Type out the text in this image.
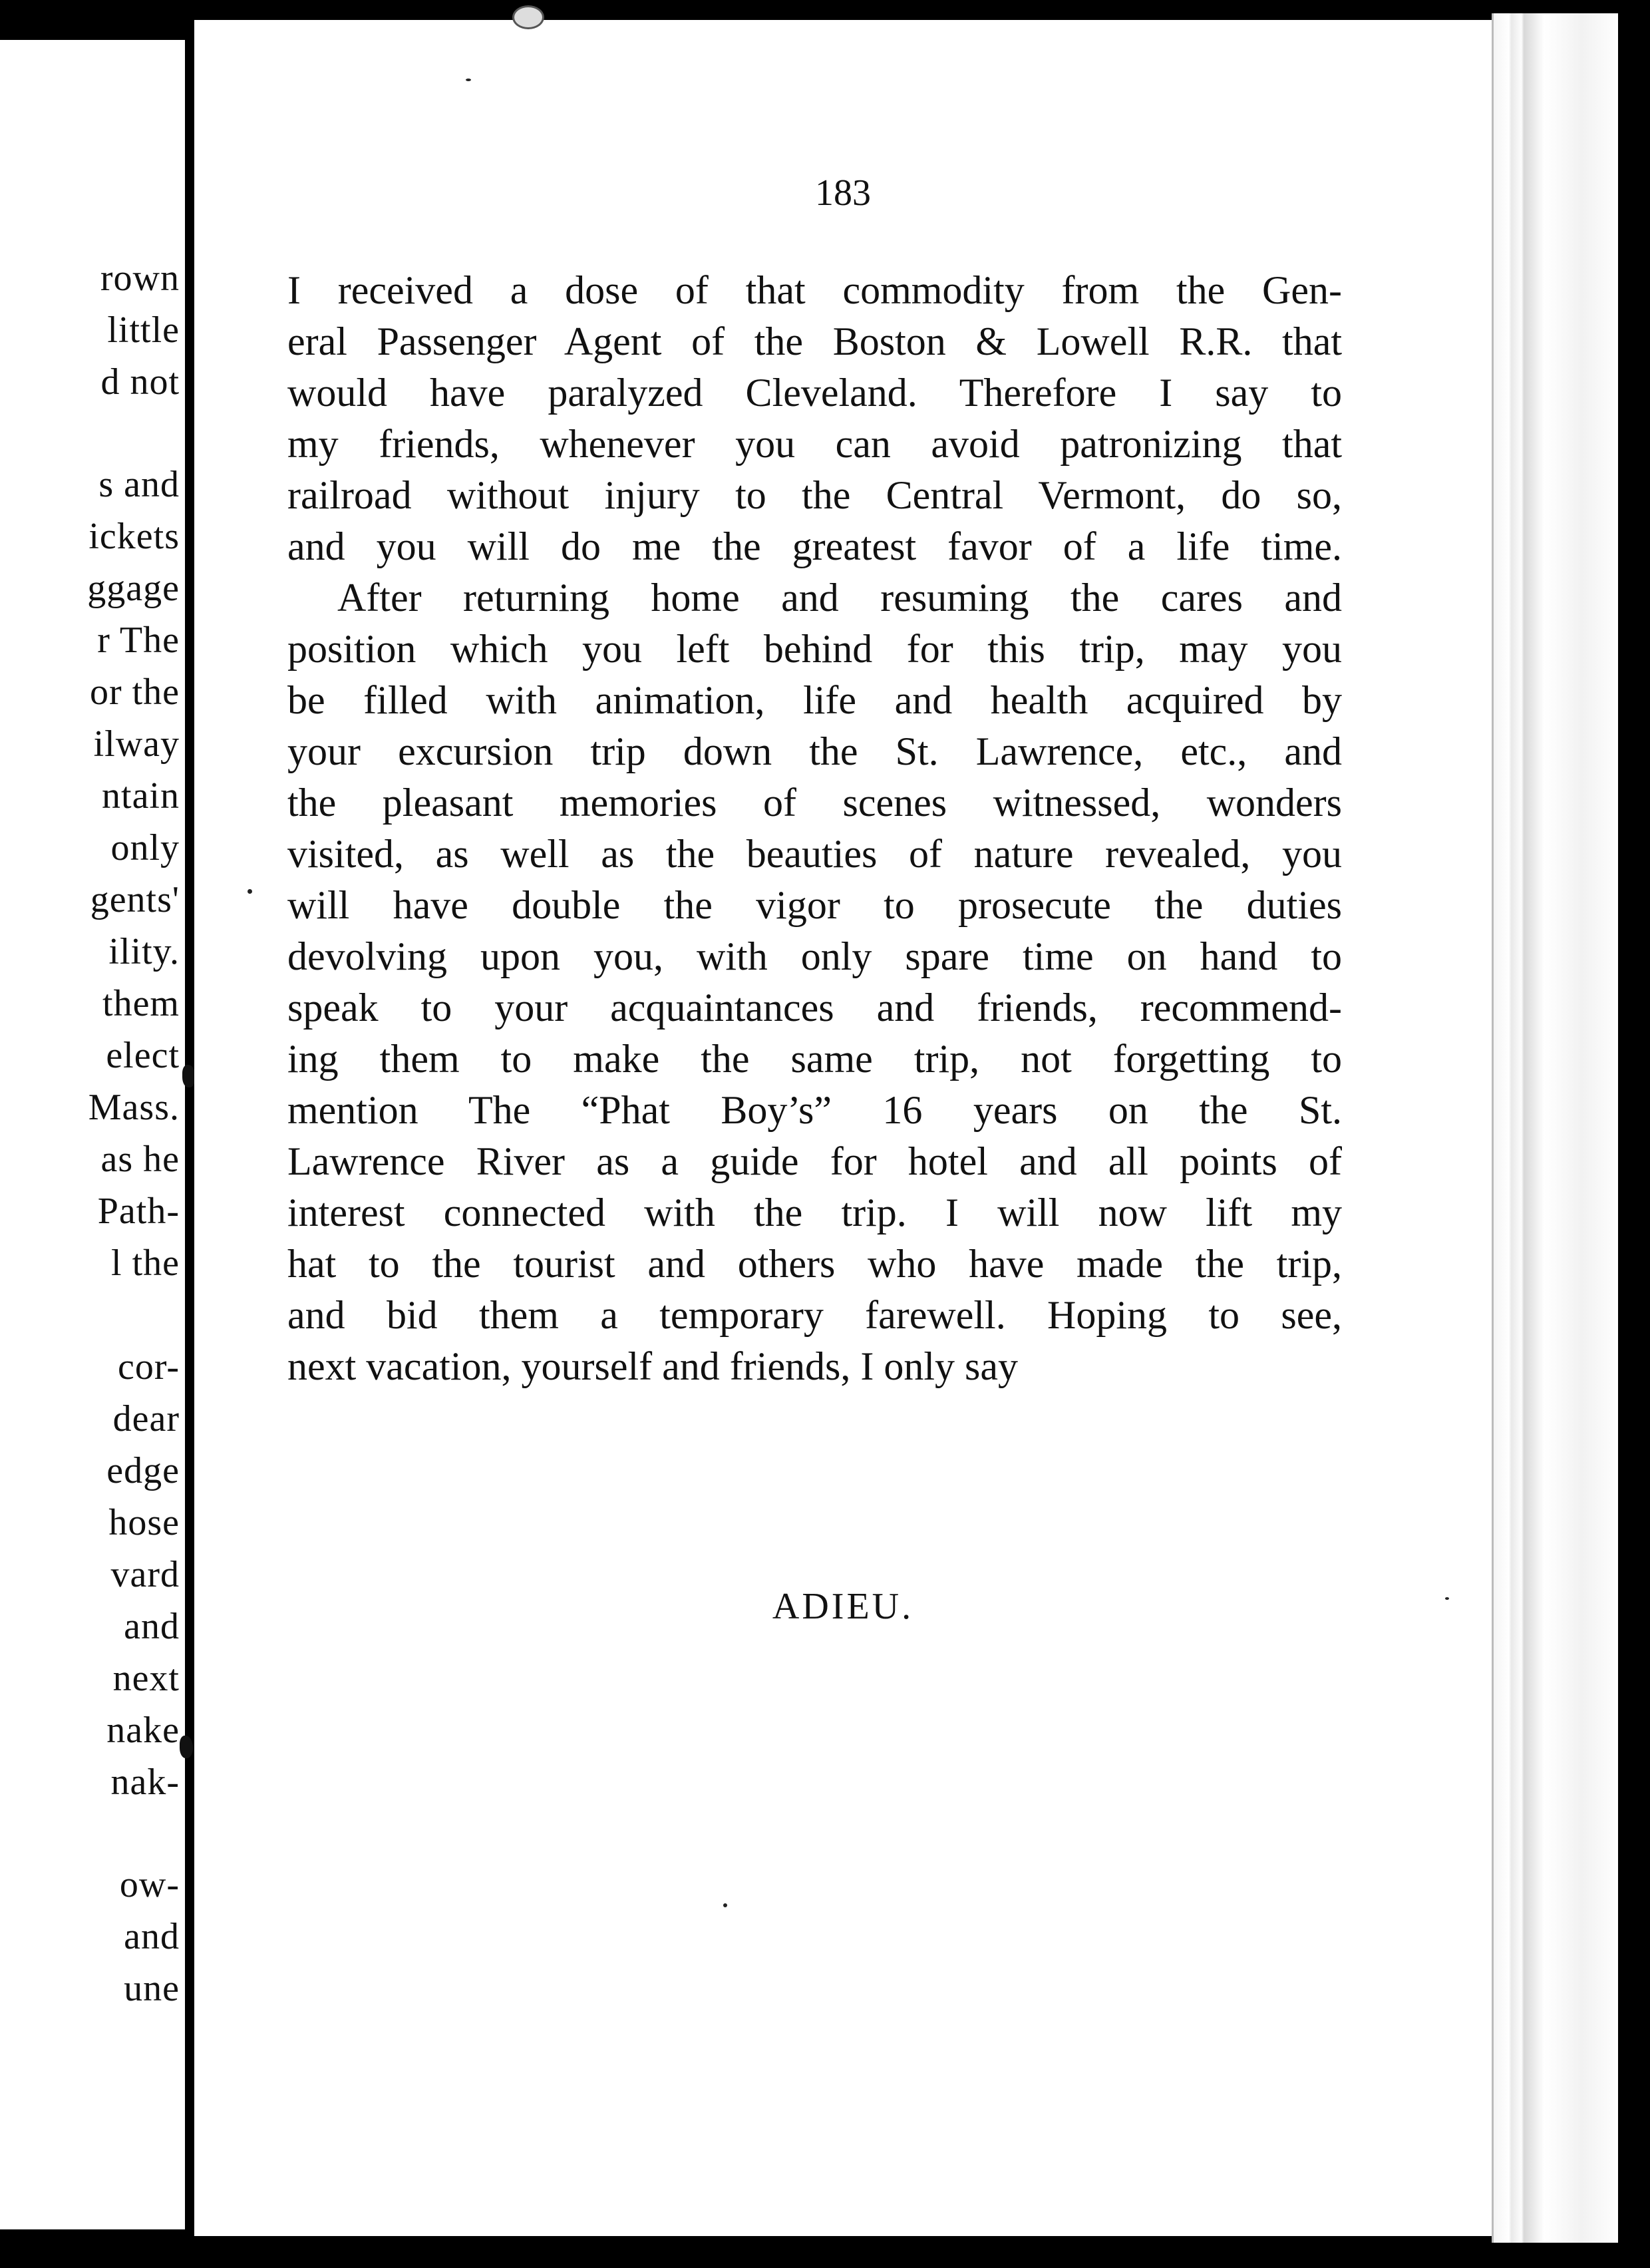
rown

little

d not

s and

ickets

ggage

r The

or the

ilway

ntain

only

gents'

ility.

them

elect

Mass.

as he

Path-

l the

cor-

dear

edge

hose

vard

and

next

nake

nak-

ow-

and

une

183

I received a dose of that commodity from the Gen-

eral Passenger Agent of the Boston & Lowell R.R. that

would have paralyzed Cleveland. Therefore I say to

my friends, whenever you can avoid patronizing that

railroad without injury to the Central Vermont, do so,

and you will do me the greatest favor of a life time.

After returning home and resuming the cares and

position which you left behind for this trip, may you

be filled with animation, life and health acquired by

your excursion trip down the St. Lawrence, etc., and

the pleasant memories of scenes witnessed, wonders

visited, as well as the beauties of nature revealed, you

will have double the vigor to prosecute the duties

devolving upon you, with only spare time on hand to

speak to your acquaintances and friends, recommend-

ing them to make the same trip, not forgetting to

mention The “Phat Boy’s” 16 years on the St.

Lawrence River as a guide for hotel and all points of

interest connected with the trip. I will now lift my

hat to the tourist and others who have made the trip,

and bid them a temporary farewell. Hoping to see,

next vacation, yourself and friends, I only say

ADIEU.
